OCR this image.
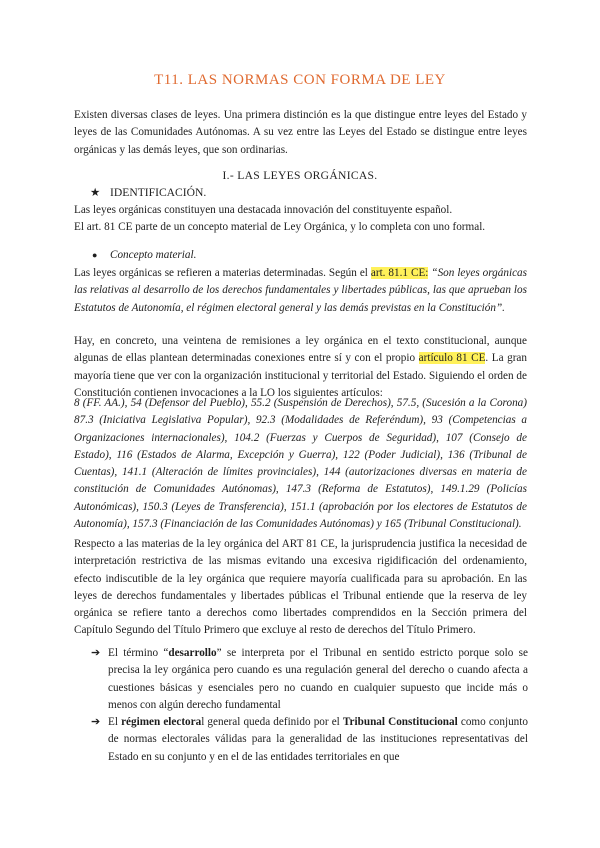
T11. LAS NORMAS CON FORMA DE LEY
Existen diversas clases de leyes. Una primera distinción es la que distingue entre leyes del Estado y leyes de las Comunidades Autónomas. A su vez entre las Leyes del Estado se distingue entre leyes orgánicas y las demás leyes, que son ordinarias.
I.- LAS LEYES ORGÁNICAS.
★ IDENTIFICACIÓN.
Las leyes orgánicas constituyen una destacada innovación del constituyente español.
El art. 81 CE parte de un concepto material de Ley Orgánica, y lo completa con uno formal.
● Concepto material.
Las leyes orgánicas se refieren a materias determinadas. Según el art. 81.1 CE: “Son leyes orgánicas las relativas al desarrollo de los derechos fundamentales y libertades públicas, las que aprueban los Estatutos de Autonomía, el régimen electoral general y las demás previstas en la Constitución”.
Hay, en concreto, una veintena de remisiones a ley orgánica en el texto constitucional, aunque algunas de ellas plantean determinadas conexiones entre sí y con el propio artículo 81 CE. La gran mayoría tiene que ver con la organización institucional y territorial del Estado. Siguiendo el orden de Constitución contienen invocaciones a la LO los siguientes artículos:
8 (FF. AA.), 54 (Defensor del Pueblo), 55.2 (Suspensión de Derechos), 57.5, (Sucesión a la Corona) 87.3 (Iniciativa Legislativa Popular), 92.3 (Modalidades de Referéndum), 93 (Competencias a Organizaciones internacionales), 104.2 (Fuerzas y Cuerpos de Seguridad), 107 (Consejo de Estado), 116 (Estados de Alarma, Excepción y Guerra), 122 (Poder Judicial), 136 (Tribunal de Cuentas), 141.1 (Alteración de límites provinciales), 144 (autorizaciones diversas en materia de constitución de Comunidades Autónomas), 147.3 (Reforma de Estatutos), 149.1.29 (Policías Autonómicas), 150.3 (Leyes de Transferencia), 151.1 (aprobación por los electores de Estatutos de Autonomía), 157.3 (Financiación de las Comunidades Autónomas) y 165 (Tribunal Constitucional).
Respecto a las materias de la ley orgánica del ART 81 CE, la jurisprudencia justifica la necesidad de interpretación restrictiva de las mismas evitando una excesiva rigidificación del ordenamiento, efecto indiscutible de la ley orgánica que requiere mayoría cualificada para su aprobación. En las leyes de derechos fundamentales y libertades públicas el Tribunal entiende que la reserva de ley orgánica se refiere tanto a derechos como libertades comprendidos en la Sección primera del Capítulo Segundo del Título Primero que excluye al resto de derechos del Título Primero.
➔ El término “desarrollo” se interpreta por el Tribunal en sentido estricto porque solo se precisa la ley orgánica pero cuando es una regulación general del derecho o cuando afecta a cuestiones básicas y esenciales pero no cuando en cualquier supuesto que incide más o menos con algún derecho fundamental
➔ El régimen electoral general queda definido por el Tribunal Constitucional como conjunto de normas electorales válidas para la generalidad de las instituciones representativas del Estado en su conjunto y en el de las entidades territoriales en que
